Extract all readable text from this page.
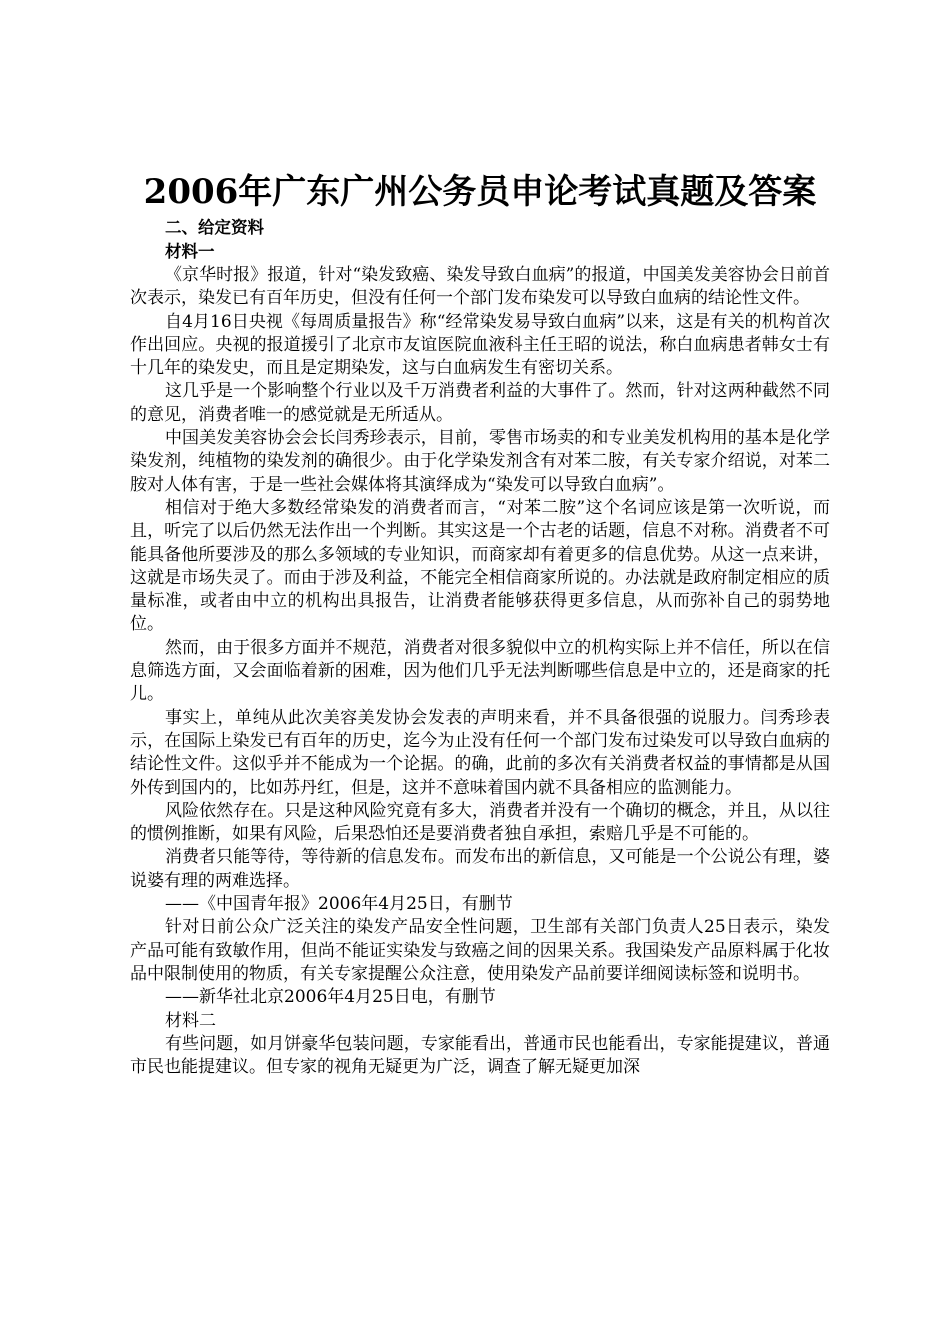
2006年广东广州公务员申论考试真题及答案

二、给定资料

材料一

《京华时报》报道，针对“染发致癌、染发导致白血病”的报道，中国美发美容协会日前首次表示，染发已有百年历史，但没有任何一个部门发布染发可以导致白血病的结论性文件。

自4月16日央视《每周质量报告》称“经常染发易导致白血病”以来，这是有关的机构首次作出回应。央视的报道援引了北京市友谊医院血液科主任王昭的说法，称白血病患者韩女士有十几年的染发史，而且是定期染发，这与白血病发生有密切关系。

这几乎是一个影响整个行业以及千万消费者利益的大事件了。然而，针对这两种截然不同的意见，消费者唯一的感觉就是无所适从。

中国美发美容协会会长闫秀珍表示，目前，零售市场卖的和专业美发机构用的基本是化学染发剂，纯植物的染发剂的确很少。由于化学染发剂含有对苯二胺，有关专家介绍说，对苯二胺对人体有害，于是一些社会媒体将其演绎成为“染发可以导致白血病”。

相信对于绝大多数经常染发的消费者而言，“对苯二胺”这个名词应该是第一次听说，而且，听完了以后仍然无法作出一个判断。其实这是一个古老的话题，信息不对称。消费者不可能具备他所要涉及的那么多领域的专业知识，而商家却有着更多的信息优势。从这一点来讲，这就是市场失灵了。而由于涉及利益，不能完全相信商家所说的。办法就是政府制定相应的质量标准，或者由中立的机构出具报告，让消费者能够获得更多信息，从而弥补自己的弱势地位。

然而，由于很多方面并不规范，消费者对很多貌似中立的机构实际上并不信任，所以在信息筛选方面，又会面临着新的困难，因为他们几乎无法判断哪些信息是中立的，还是商家的托儿。

事实上，单纯从此次美容美发协会发表的声明来看，并不具备很强的说服力。闫秀珍表示，在国际上染发已有百年的历史，迄今为止没有任何一个部门发布过染发可以导致白血病的结论性文件。这似乎并不能成为一个论据。的确，此前的多次有关消费者权益的事情都是从国外传到国内的，比如苏丹红，但是，这并不意味着国内就不具备相应的监测能力。

风险依然存在。只是这种风险究竟有多大，消费者并没有一个确切的概念，并且，从以往的惯例推断，如果有风险，后果恐怕还是要消费者独自承担，索赔几乎是不可能的。

消费者只能等待，等待新的信息发布。而发布出的新信息，又可能是一个公说公有理，婆说婆有理的两难选择。

——《中国青年报》2006年4月25日，有删节

针对日前公众广泛关注的染发产品安全性问题，卫生部有关部门负责人25日表示，染发产品可能有致敏作用，但尚不能证实染发与致癌之间的因果关系。我国染发产品原料属于化妆品中限制使用的物质，有关专家提醒公众注意，使用染发产品前要详细阅读标签和说明书。

——新华社北京2006年4月25日电，有删节

材料二

有些问题，如月饼豪华包装问题，专家能看出，普通市民也能看出，专家能提建议，普通市民也能提建议。但专家的视角无疑更为广泛，调查了解无疑更加深
